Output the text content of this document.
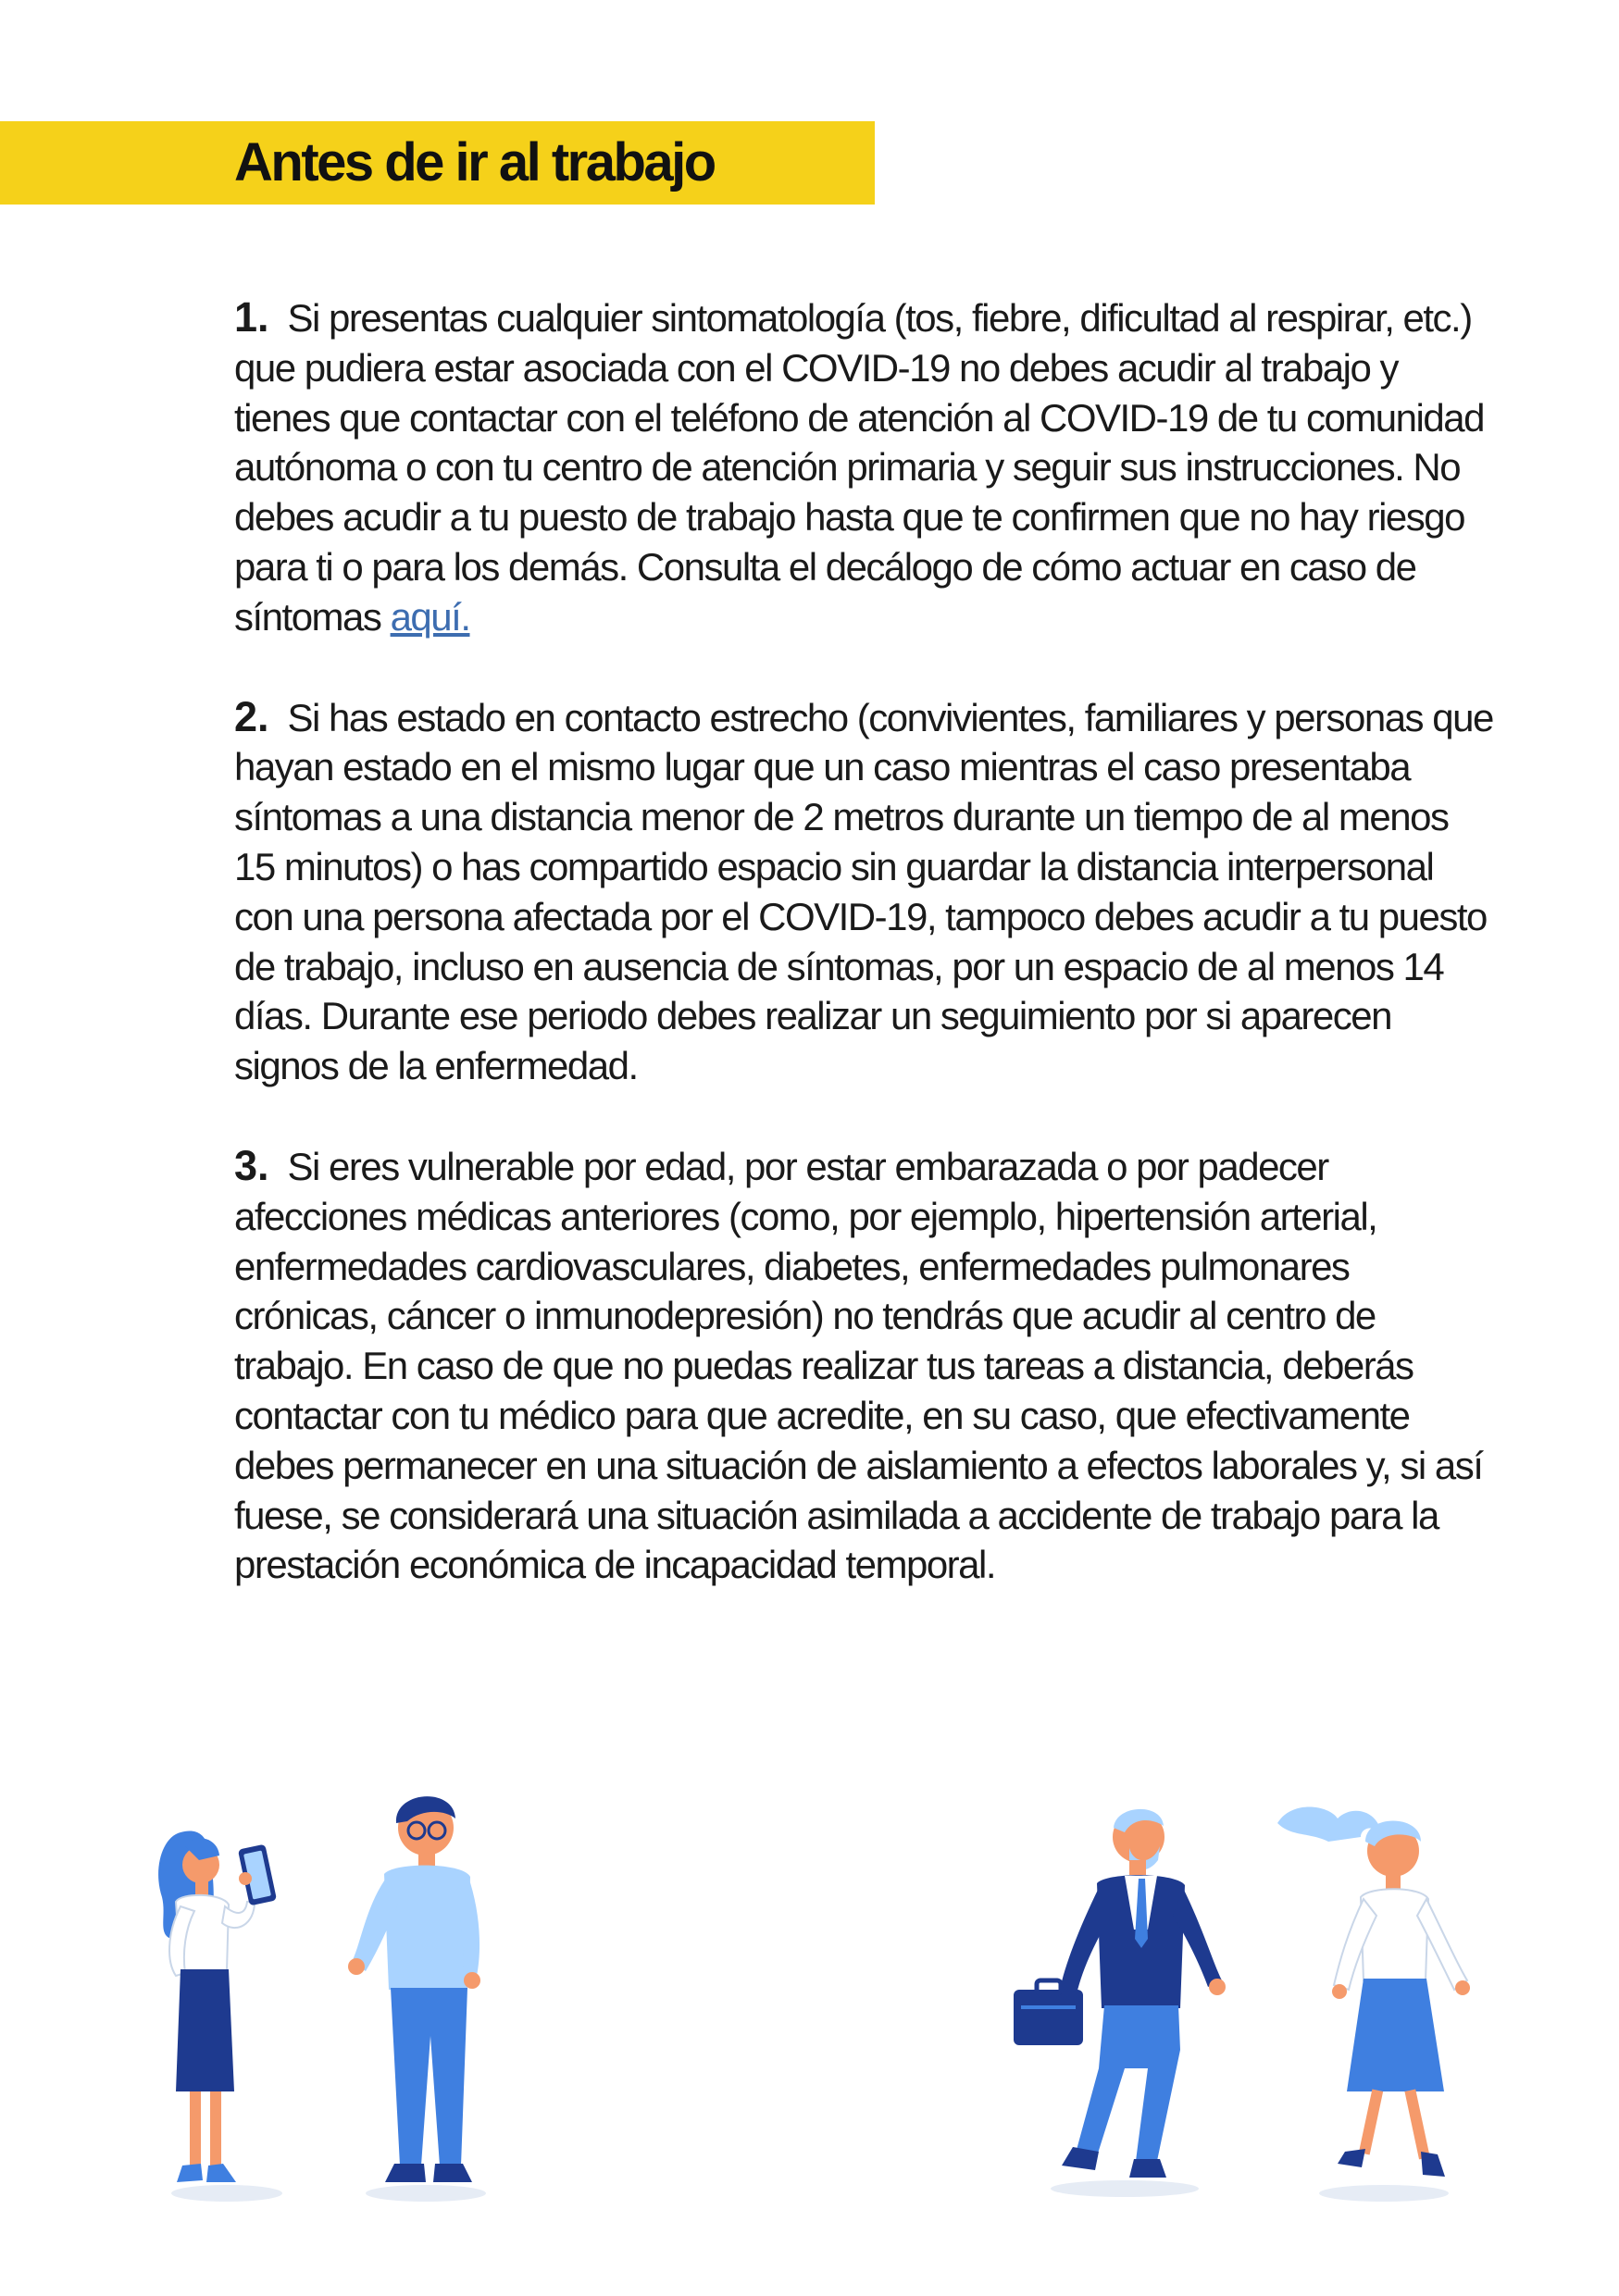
Antes de ir al trabajo

1. Si presentas cualquier sintomatología (tos, fiebre, dificultad al respirar, etc.) que pudiera estar asociada con el COVID-19 no debes acudir al trabajo y tienes que contactar con el teléfono de atención al COVID-19 de tu comunidad autónoma o con tu centro de atención primaria y seguir sus instrucciones. No debes acudir a tu puesto de trabajo hasta que te confirmen que no hay riesgo para ti o para los demás. Consulta el decálogo de cómo actuar en caso de síntomas aquí.

2. Si has estado en contacto estrecho (convivientes, familiares y personas que hayan estado en el mismo lugar que un caso mientras el caso presentaba síntomas a una distancia menor de 2 metros durante un tiempo de al menos 15 minutos) o has compartido espacio sin guardar la distancia interpersonal con una persona afectada por el COVID-19, tampoco debes acudir a tu puesto de trabajo, incluso en ausencia de síntomas, por un espacio de al menos 14 días. Durante ese periodo debes realizar un seguimiento por si aparecen signos de la enfermedad.

3. Si eres vulnerable por edad, por estar embarazada o por padecer afecciones médicas anteriores (como, por ejemplo, hipertensión arterial, enfermedades cardiovasculares, diabetes, enfermedades pulmonares crónicas, cáncer o inmunodepresión) no tendrás que acudir al centro de trabajo. En caso de que no puedas realizar tus tareas a distancia, deberás contactar con tu médico para que acredite, en su caso, que efectivamente debes permanecer en una situación de aislamiento a efectos laborales y, si así fuese, se considerará una situación asimilada a accidente de trabajo para la prestación económica de incapacidad temporal.
